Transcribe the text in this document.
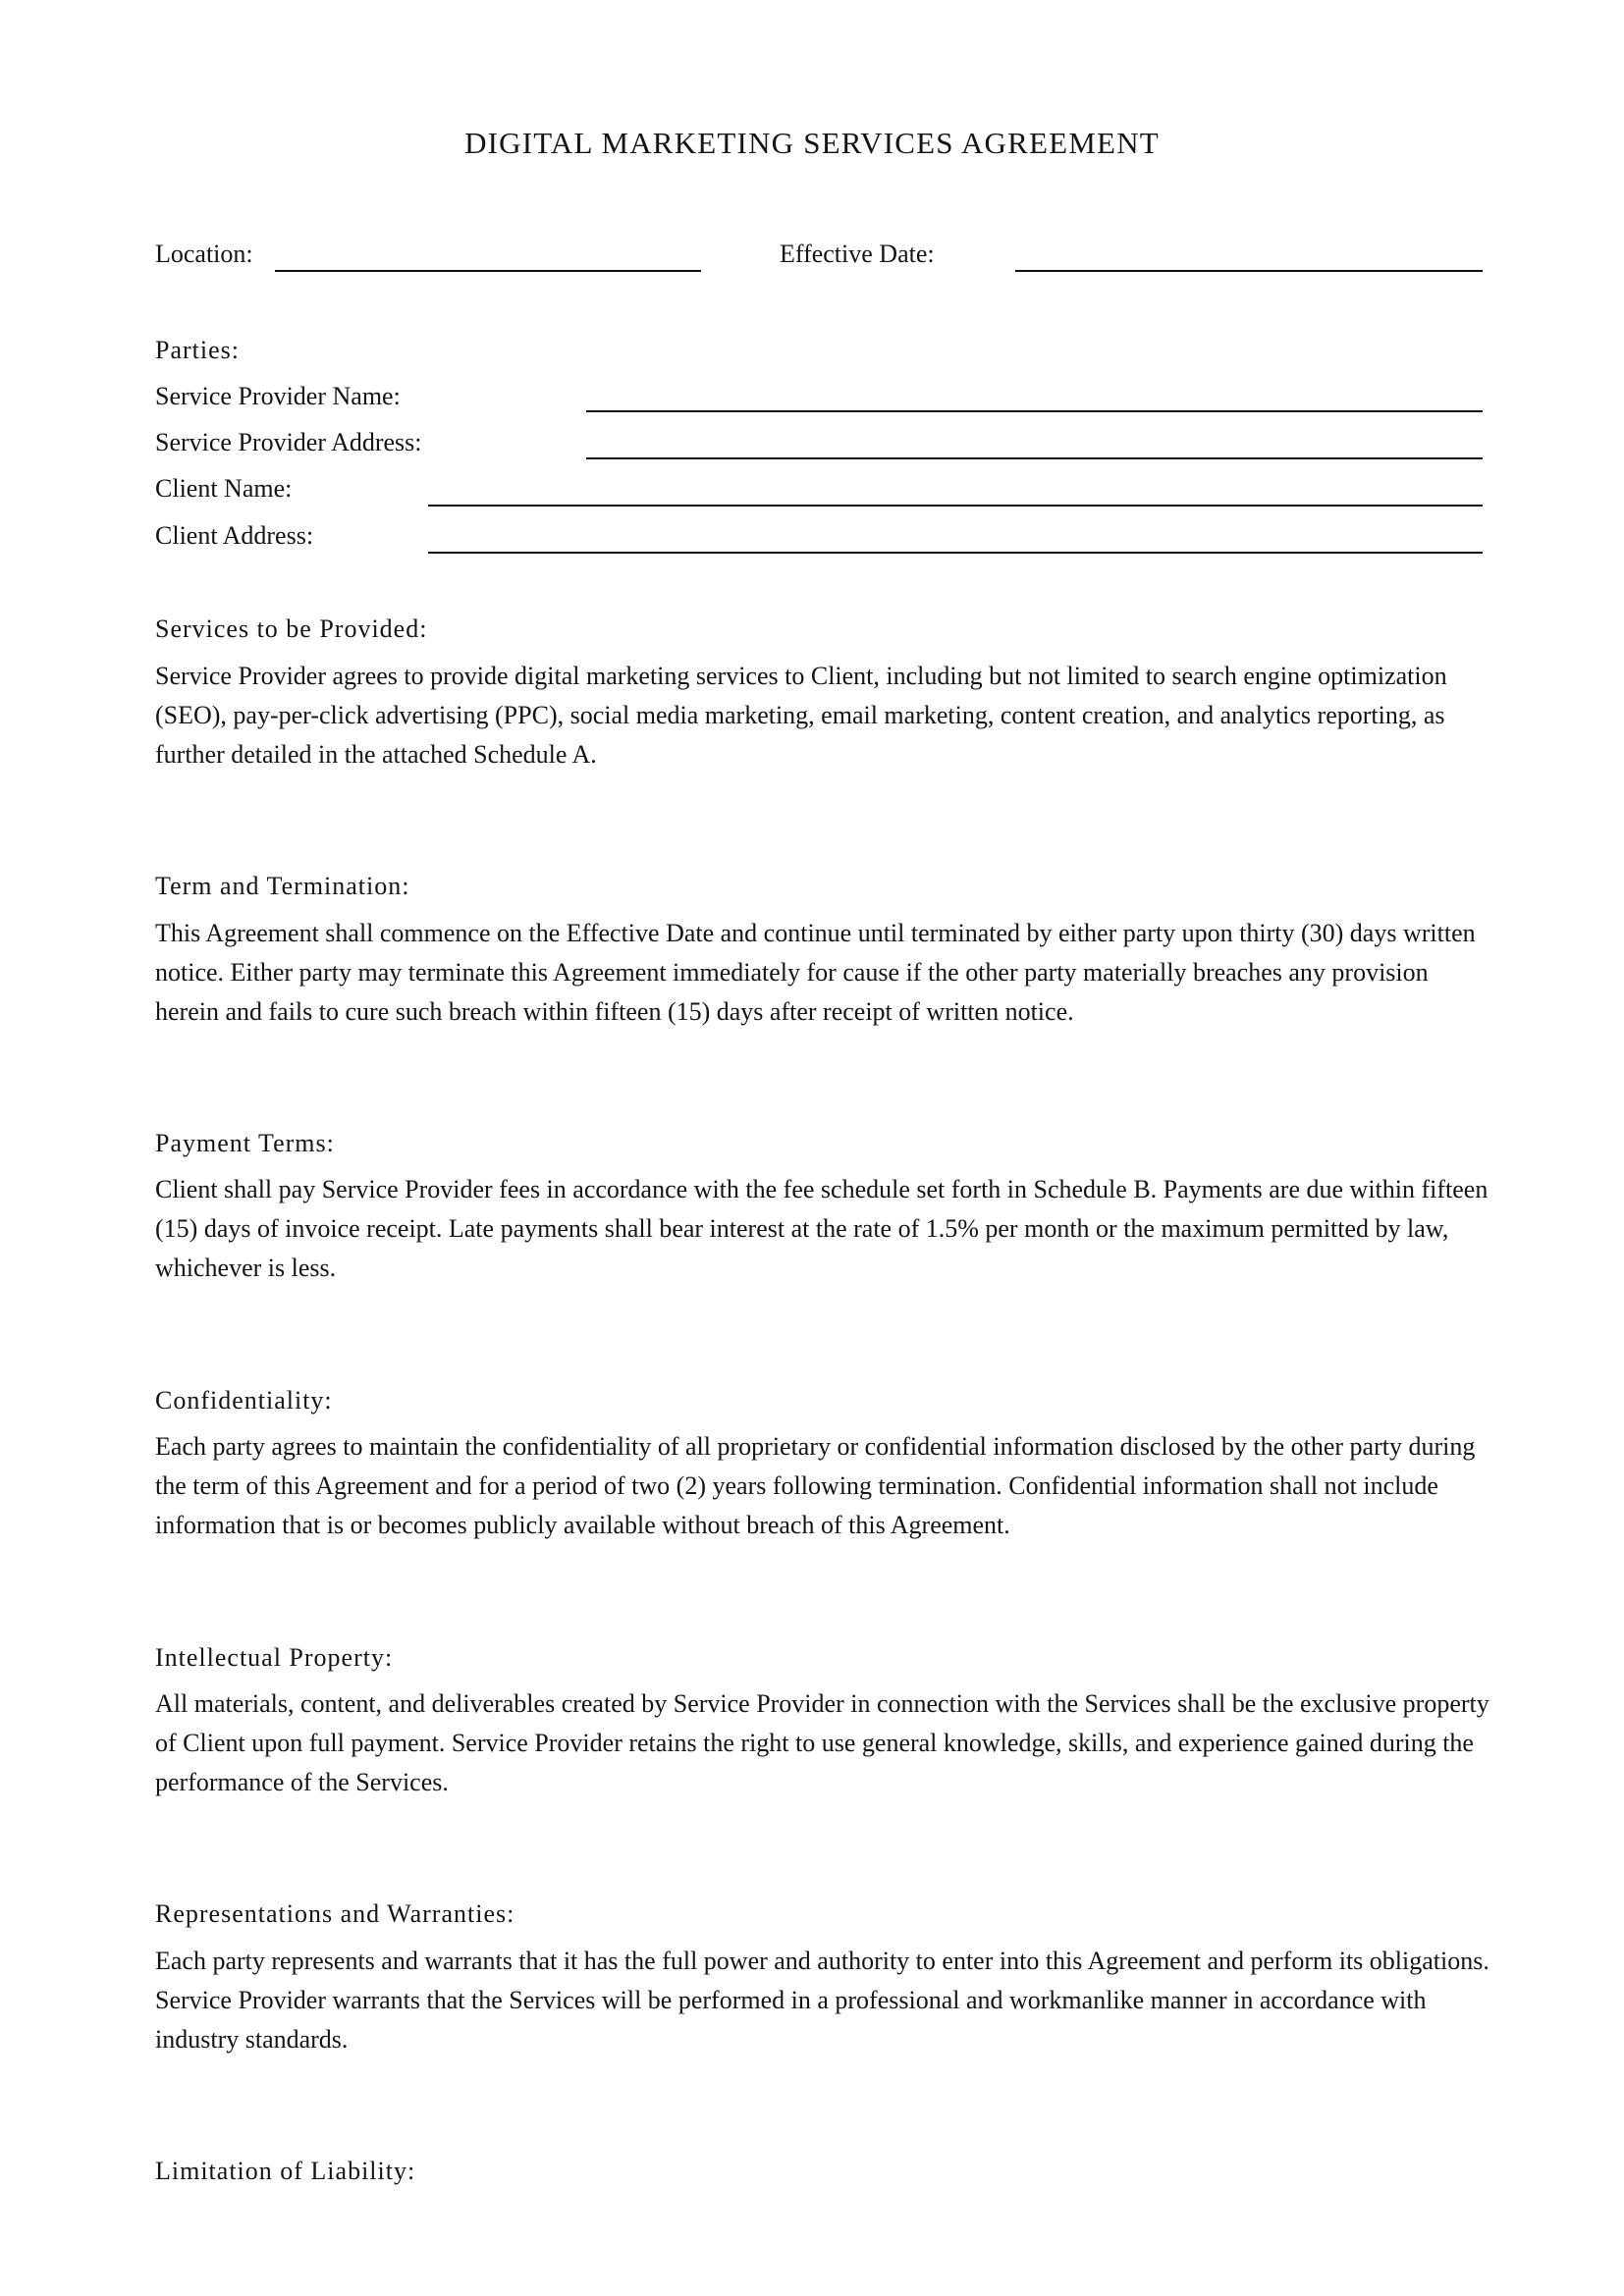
DIGITAL MARKETING SERVICES AGREEMENT
Location:	Effective Date:
Parties:
Service Provider Name:
Service Provider Address:
Client Name:
Client Address:
Services to be Provided:
Service Provider agrees to provide digital marketing services to Client, including but not limited to search engine optimization (SEO), pay-per-click advertising (PPC), social media marketing, email marketing, content creation, and analytics reporting, as further detailed in the attached Schedule A.
Term and Termination:
This Agreement shall commence on the Effective Date and continue until terminated by either party upon thirty (30) days written notice. Either party may terminate this Agreement immediately for cause if the other party materially breaches any provision herein and fails to cure such breach within fifteen (15) days after receipt of written notice.
Payment Terms:
Client shall pay Service Provider fees in accordance with the fee schedule set forth in Schedule B. Payments are due within fifteen (15) days of invoice receipt. Late payments shall bear interest at the rate of 1.5% per month or the maximum permitted by law, whichever is less.
Confidentiality:
Each party agrees to maintain the confidentiality of all proprietary or confidential information disclosed by the other party during the term of this Agreement and for a period of two (2) years following termination. Confidential information shall not include information that is or becomes publicly available without breach of this Agreement.
Intellectual Property:
All materials, content, and deliverables created by Service Provider in connection with the Services shall be the exclusive property of Client upon full payment. Service Provider retains the right to use general knowledge, skills, and experience gained during the performance of the Services.
Representations and Warranties:
Each party represents and warrants that it has the full power and authority to enter into this Agreement and perform its obligations. Service Provider warrants that the Services will be performed in a professional and workmanlike manner in accordance with industry standards.
Limitation of Liability:
